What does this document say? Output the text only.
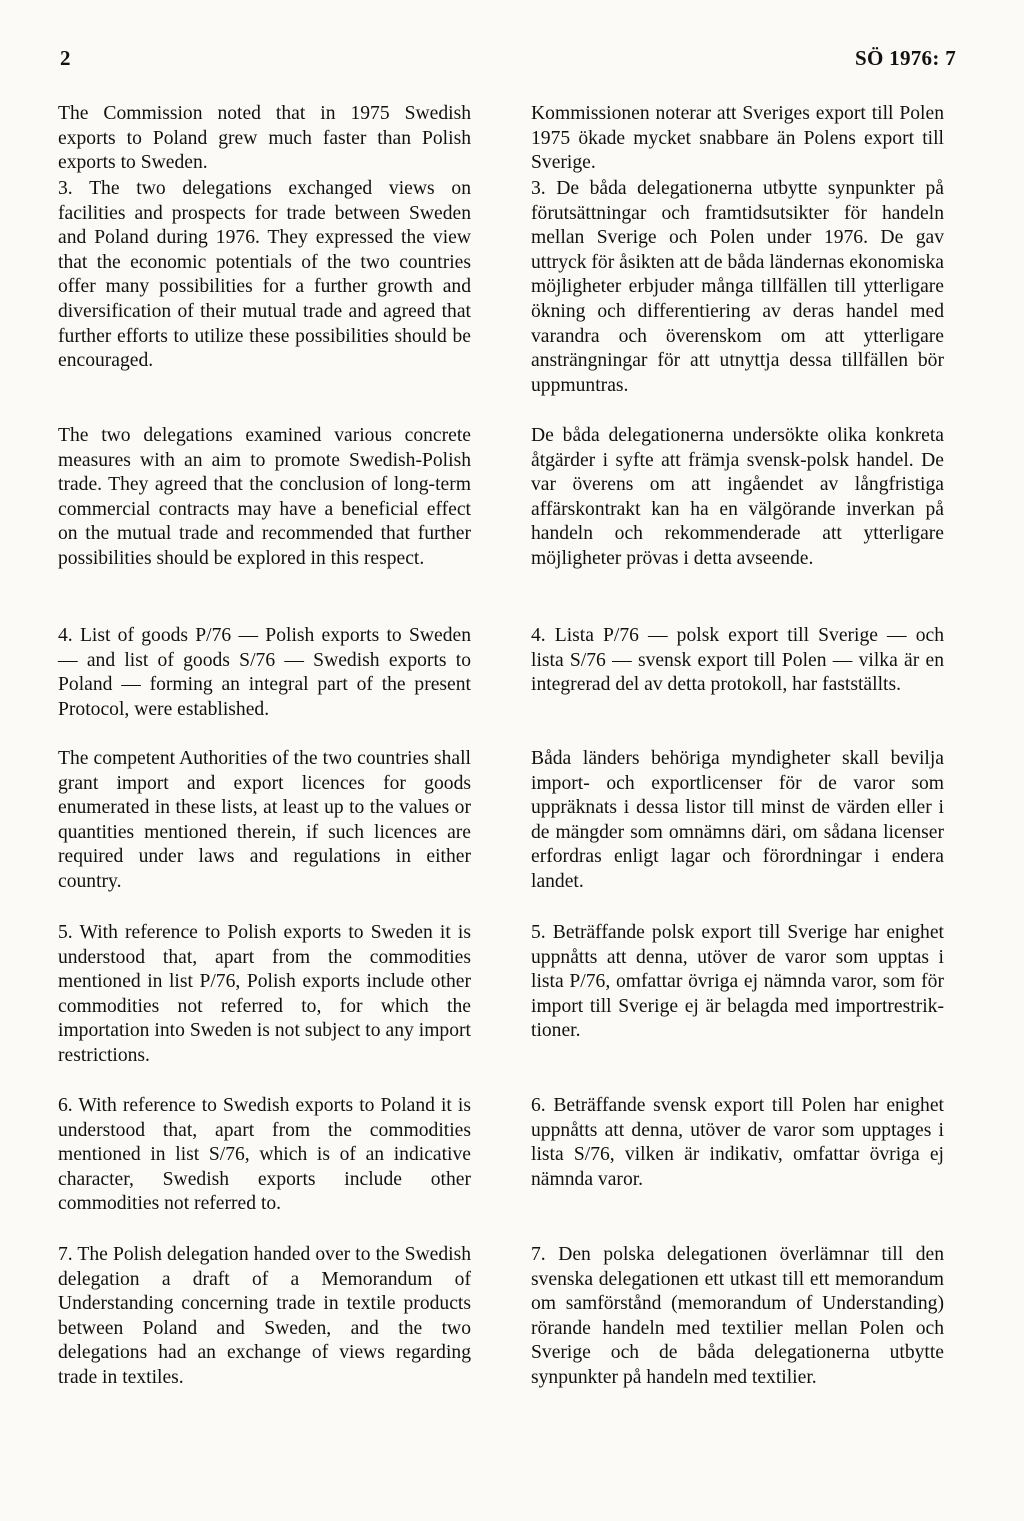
2	SÖ 1976: 7

The Commission noted that in 1975 Swedish exports to Poland grew much faster than Polish exports to Sweden.

3. The two delegations exchanged views on facilities and prospects for trade between Sweden and Poland during 1976. They expressed the view that the economic potentials of the two countries offer many possibilities for a further growth and diversification of their mutual trade and agreed that further efforts to utilize these possibilities should be encouraged.

The two delegations examined various concrete measures with an aim to promote Swedish-Polish trade. They agreed that the conclusion of long-term commercial contracts may have a beneficial effect on the mutual trade and recommended that further possibilities should be explored in this respect.

4. List of goods P/76 — Polish exports to Sweden — and list of goods S/76 — Swedish exports to Poland — forming an integral part of the present Protocol, were established.

The competent Authorities of the two countries shall grant import and export licences for goods enumerated in these lists, at least up to the values or quantities mentioned therein, if such licences are required under laws and regulations in either country.

5. With reference to Polish exports to Sweden it is understood that, apart from the commodities mentioned in list P/76, Polish exports include other commodities not referred to, for which the importation into Sweden is not subject to any import restrictions.

6. With reference to Swedish exports to Poland it is understood that, apart from the commodities mentioned in list S/76, which is of an indicative character, Swedish exports include other commodities not referred to.

7. The Polish delegation handed over to the Swedish delegation a draft of a Memorandum of Understanding concerning trade in textile products between Poland and Sweden, and the two delegations had an exchange of views regarding trade in textiles.

Kommissionen noterar att Sveriges export till Polen 1975 ökade mycket snabbare än Polens export till Sverige.

3. De båda delegationerna utbytte synpunkter på förutsättningar och framtidsutsikter för handeln mellan Sverige och Polen under 1976. De gav uttryck för åsikten att de båda ländernas ekonomiska möjligheter erbjuder många tillfällen till ytterligare ökning och differentiering av deras handel med varandra och överenskom om att ytterligare ansträngningar för att utnyttja dessa tillfällen bör uppmuntras.

De båda delegationerna undersökte olika konkreta åtgärder i syfte att främja svensk-polsk handel. De var överens om att ingåendet av långfristiga affärskontrakt kan ha en välgörande inverkan på handeln och rekommenderade att ytterligare möjligheter prövas i detta avseende.

4. Lista P/76 — polsk export till Sverige — och lista S/76 — svensk export till Polen — vilka är en integrerad del av detta protokoll, har fastställts.

Båda länders behöriga myndigheter skall bevilja import- och exportlicenser för de varor som uppräknats i dessa listor till minst de värden eller i de mängder som omnämns däri, om sådana licenser erfordras enligt lagar och förordningar i endera landet.

5. Beträffande polsk export till Sverige har enighet uppnåtts att denna, utöver de varor som upptas i lista P/76, omfattar övriga ej nämnda varor, som för import till Sverige ej är belagda med importrestriktioner.

6. Beträffande svensk export till Polen har enighet uppnåtts att denna, utöver de varor som upptages i lista S/76, vilken är indikativ, omfattar övriga ej nämnda varor.

7. Den polska delegationen överlämnar till den svenska delegationen ett utkast till ett memorandum om samförstånd (memorandum of Understanding) rörande handeln med textilier mellan Polen och Sverige och de båda delegationerna utbytte synpunkter på handeln med textilier.
